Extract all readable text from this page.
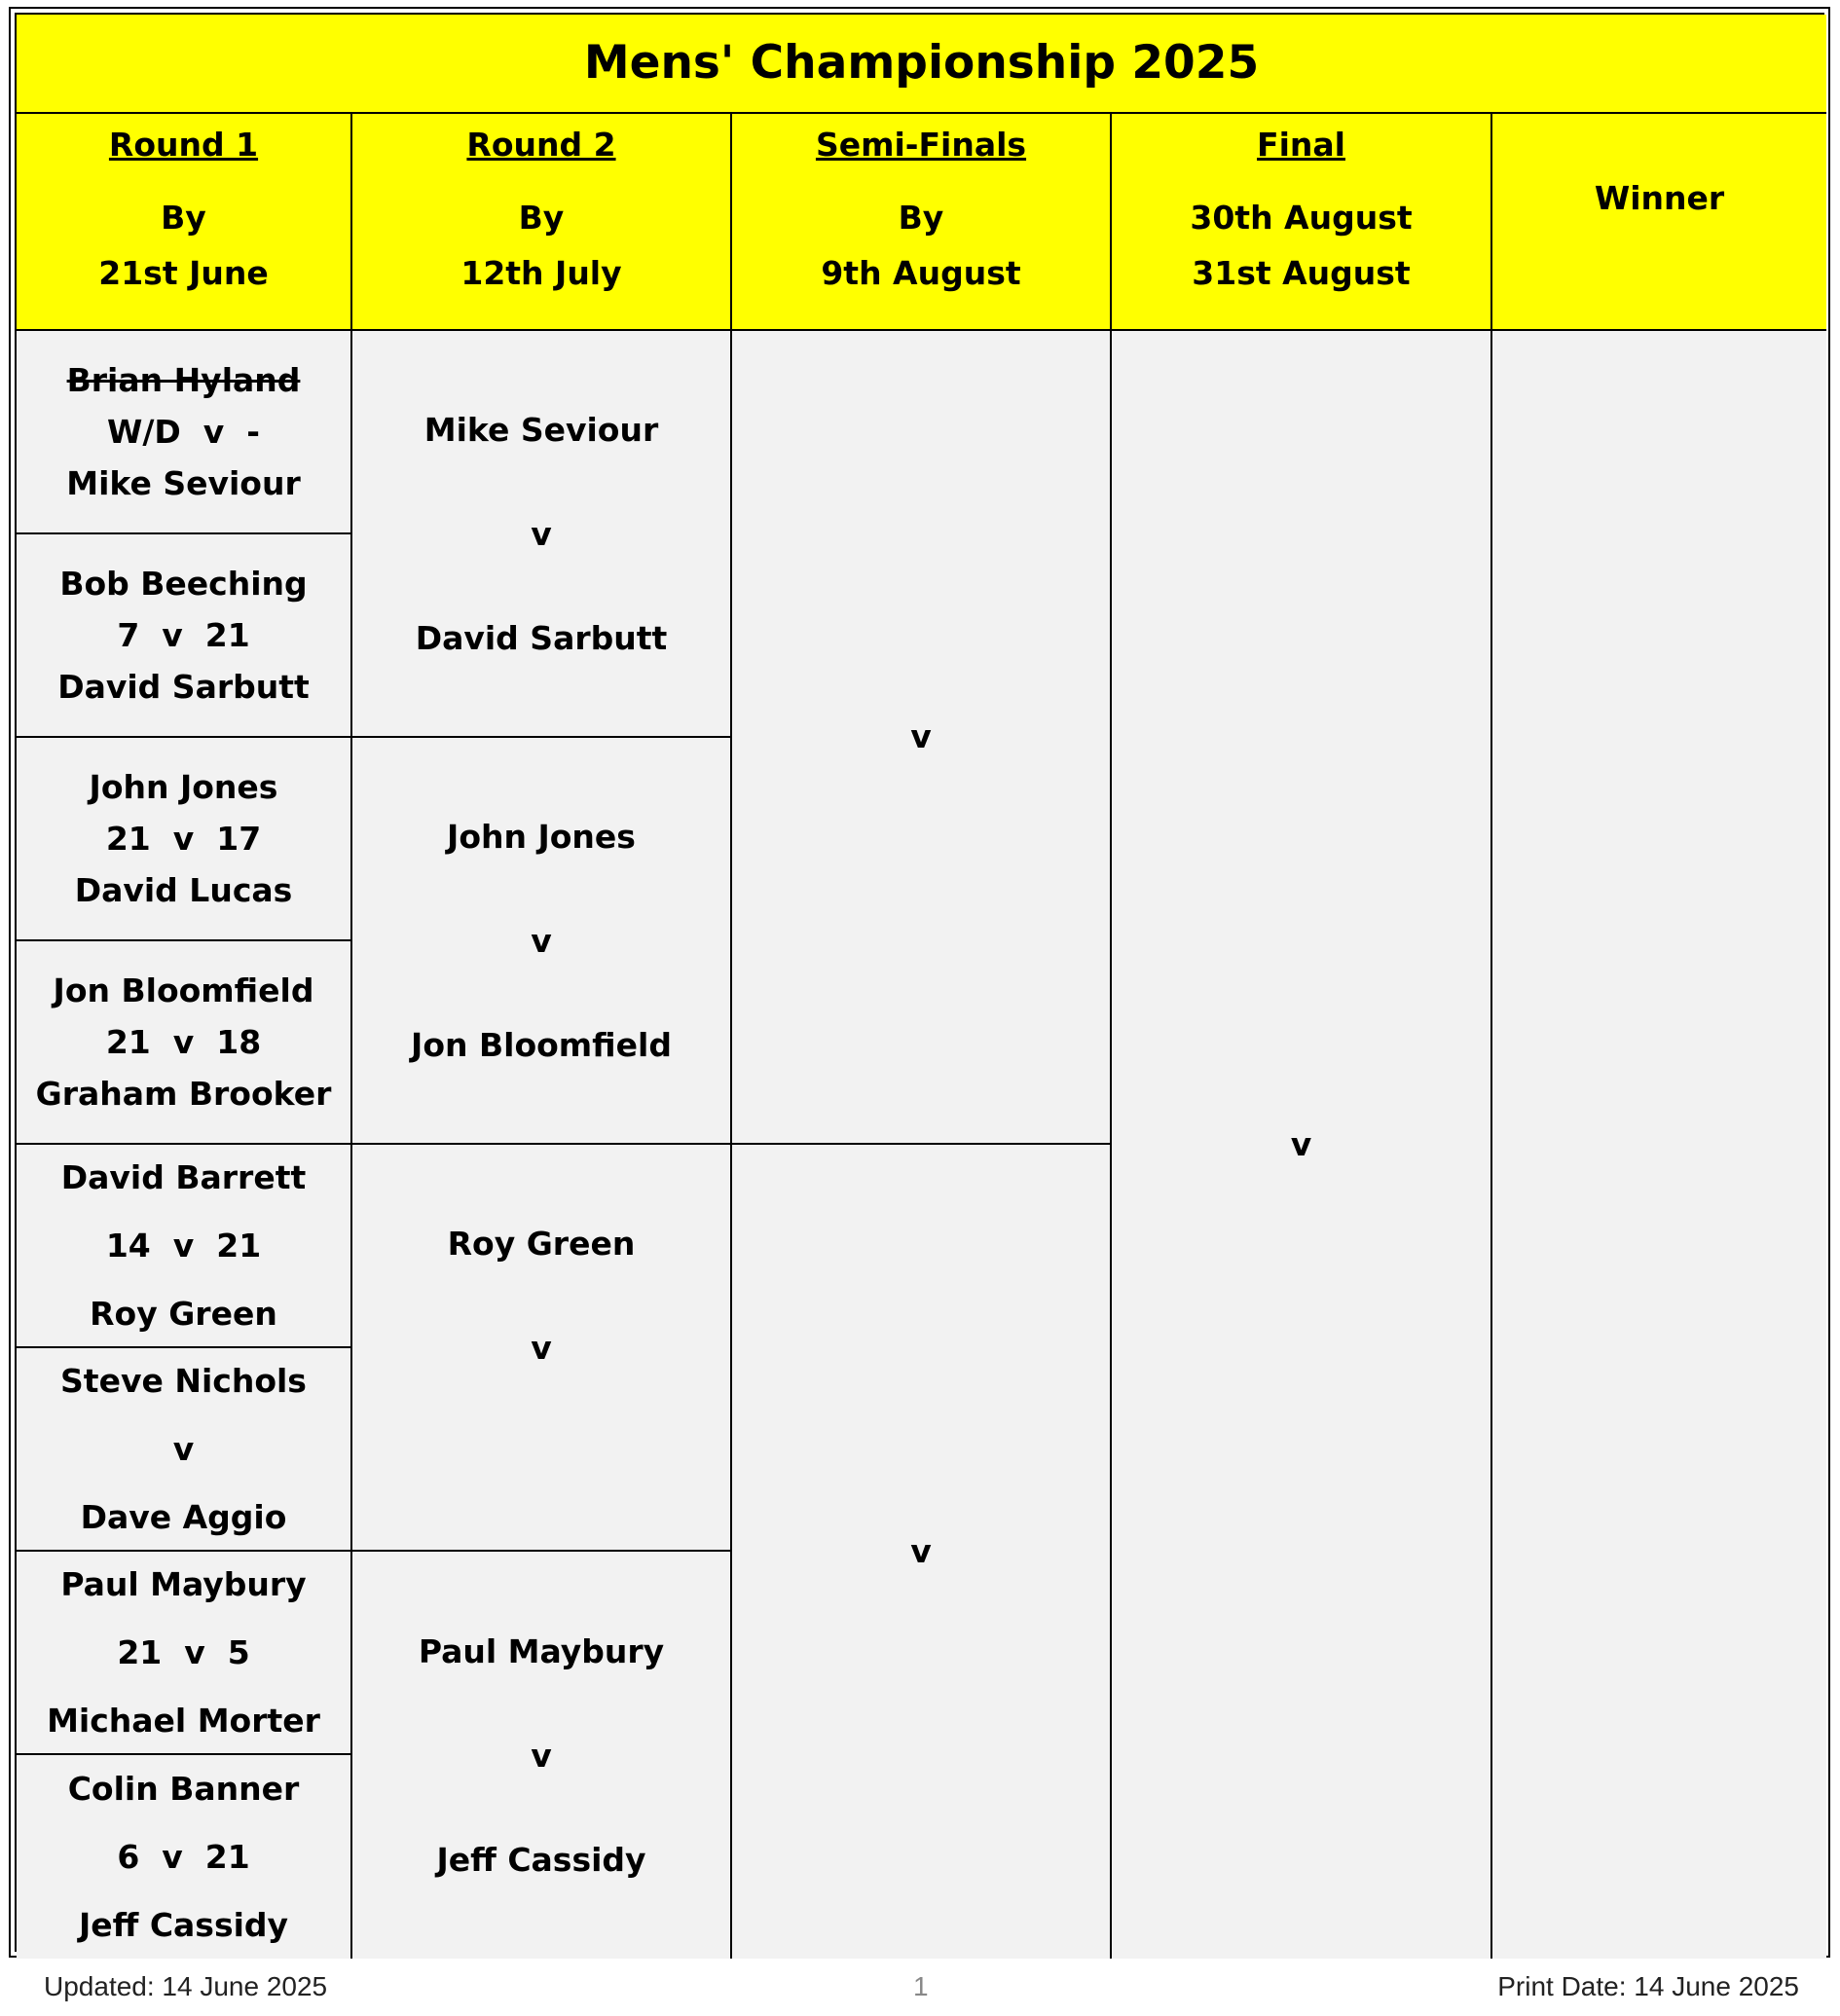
Mens' Championship 2025
Round 1
By
21st June
Round 2
By
12th July
Semi-Finals
By
9th August
Final
30th August
31st August
Winner
Brian Hyland
W/D  v  -
Mike Seviour
Bob Beeching
7  v  21
David Sarbutt
John Jones
21  v  17
David Lucas
Jon Bloomfield
21  v  18
Graham Brooker
David Barrett
14  v  21
Roy Green
Steve Nichols
v
Dave Aggio
Paul Maybury
21  v  5
Michael Morter
Colin Banner
6  v  21
Jeff Cassidy
Mike Seviour
v
David Sarbutt
John Jones
v
Jon Bloomfield
Roy Green
v

Paul Maybury
v
Jeff Cassidy
v
v
v
Updated: 14 June 2025	1	Print Date: 14 June 2025
